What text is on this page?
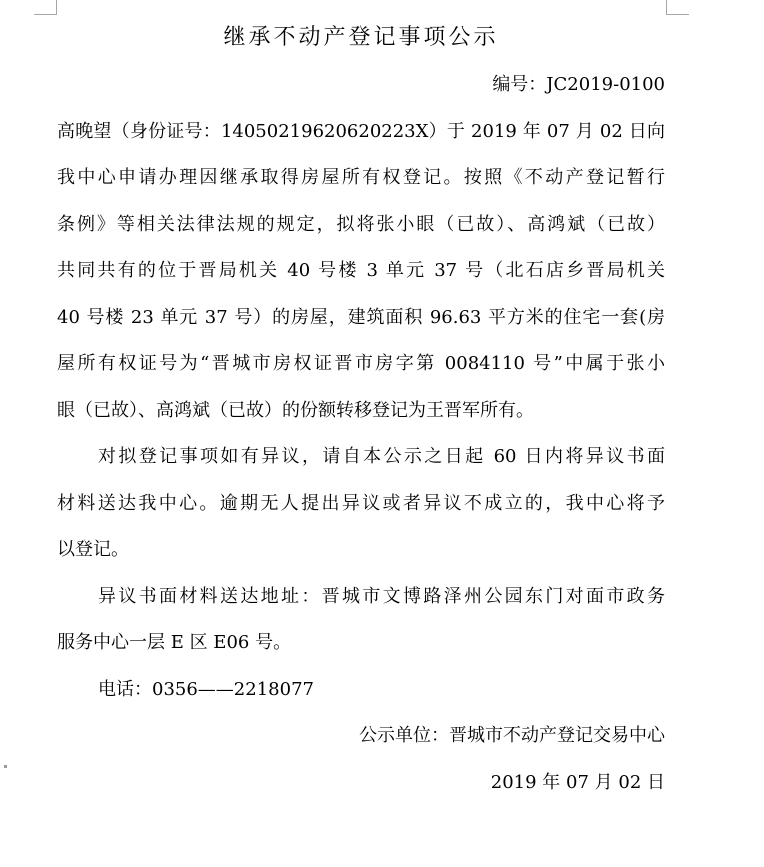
继承不动产登记事项公示

编号：JC2019-0100

高晚望（身份证号：14050219620620223X）于 2019 年 07 月 02 日向

我中心申请办理因继承取得房屋所有权登记。按照《不动产登记暂行

条例》等相关法律法规的规定，拟将张小眼（已故）、高鸿斌（已故）

共同共有的位于晋局机关 40 号楼 3 单元 37 号（北石店乡晋局机关

40 号楼 23 单元 37 号）的房屋，建筑面积 96.63 平方米的住宅一套(房

屋所有权证号为“晋城市房权证晋市房字第 0084110 号”中属于张小

眼（已故）、高鸿斌（已故）的份额转移登记为王晋军所有。

对拟登记事项如有异议，请自本公示之日起 60 日内将异议书面

材料送达我中心。逾期无人提出异议或者异议不成立的，我中心将予

以登记。

异议书面材料送达地址：晋城市文博路泽州公园东门对面市政务

服务中心一层 E 区 E06 号。

电话：0356——2218077

公示单位：晋城市不动产登记交易中心

2019 年 07 月 02 日
